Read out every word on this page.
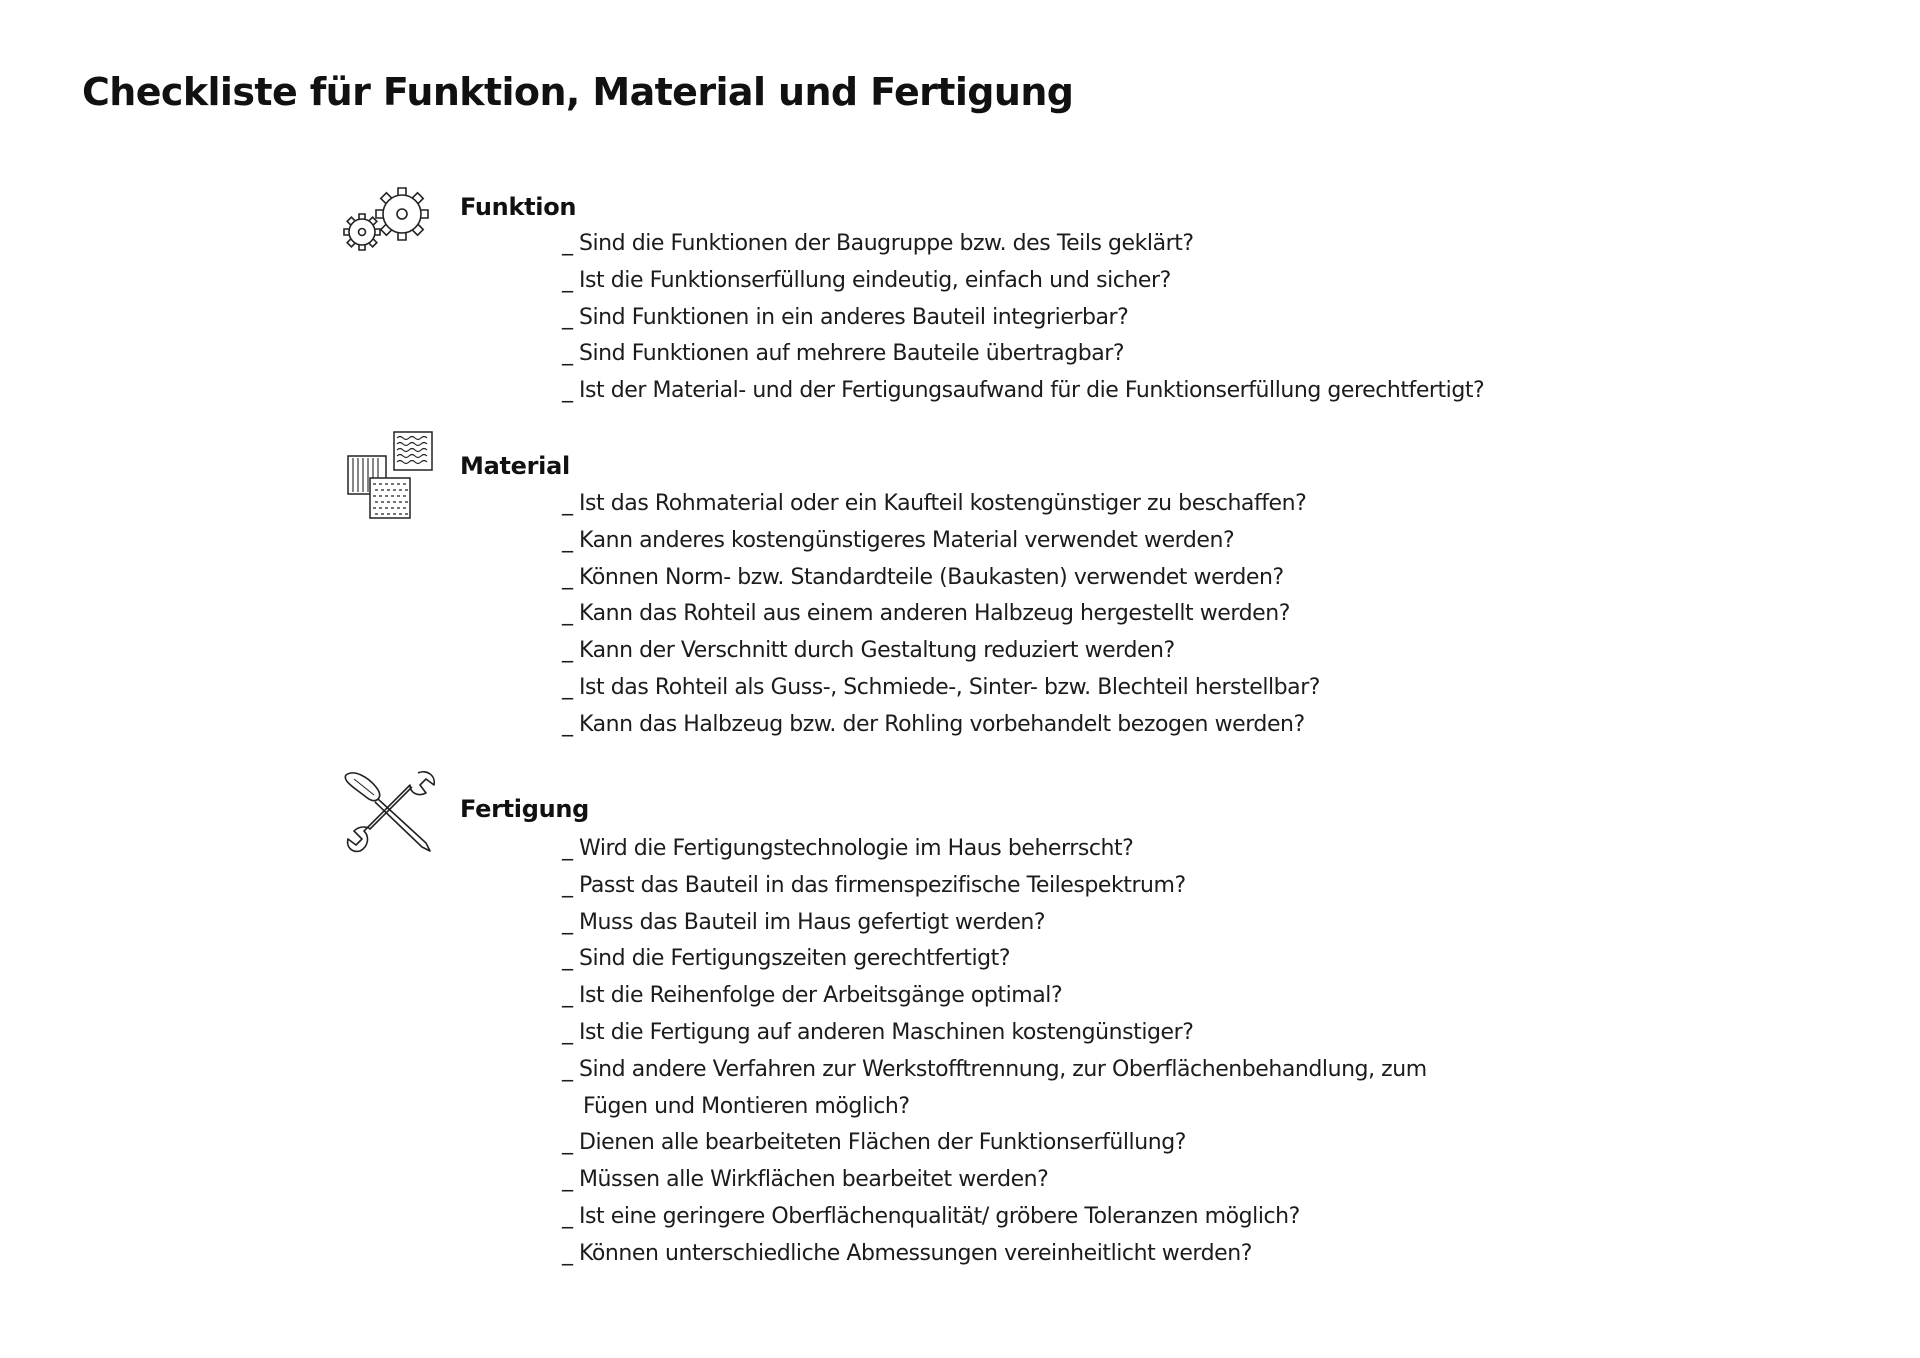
Checkliste für Funktion, Material und Fertigung
Funktion
_ Sind die Funktionen der Baugruppe bzw. des Teils geklärt?
_ Ist die Funktionserfüllung eindeutig, einfach und sicher?
_ Sind Funktionen in ein anderes Bauteil integrierbar?
_ Sind Funktionen auf mehrere Bauteile übertragbar?
_ Ist der Material- und der Fertigungsaufwand für die Funktionserfüllung gerechtfertigt?
Material
_ Ist das Rohmaterial oder ein Kaufteil kostengünstiger zu beschaffen?
_ Kann anderes kostengünstigeres Material verwendet werden?
_ Können Norm- bzw. Standardteile (Baukasten) verwendet werden?
_ Kann das Rohteil aus einem anderen Halbzeug hergestellt werden?
_ Kann der Verschnitt durch Gestaltung reduziert werden?
_ Ist das Rohteil als Guss-, Schmiede-, Sinter- bzw. Blechteil herstellbar?
_ Kann das Halbzeug bzw. der Rohling vorbehandelt bezogen werden?
Fertigung
_ Wird die Fertigungstechnologie im Haus beherrscht?
_ Passt das Bauteil in das firmenspezifische Teilespektrum?
_ Muss das Bauteil im Haus gefertigt werden?
_ Sind die Fertigungszeiten gerechtfertigt?
_ Ist die Reihenfolge der Arbeitsgänge optimal?
_ Ist die Fertigung auf anderen Maschinen kostengünstiger?
_ Sind andere Verfahren zur Werkstofftrennung, zur Oberflächenbehandlung, zum
Fügen und Montieren möglich?
_ Dienen alle bearbeiteten Flächen der Funktionserfüllung?
_ Müssen alle Wirkflächen bearbeitet werden?
_ Ist eine geringere Oberflächenqualität/ gröbere Toleranzen möglich?
_ Können unterschiedliche Abmessungen vereinheitlicht werden?
